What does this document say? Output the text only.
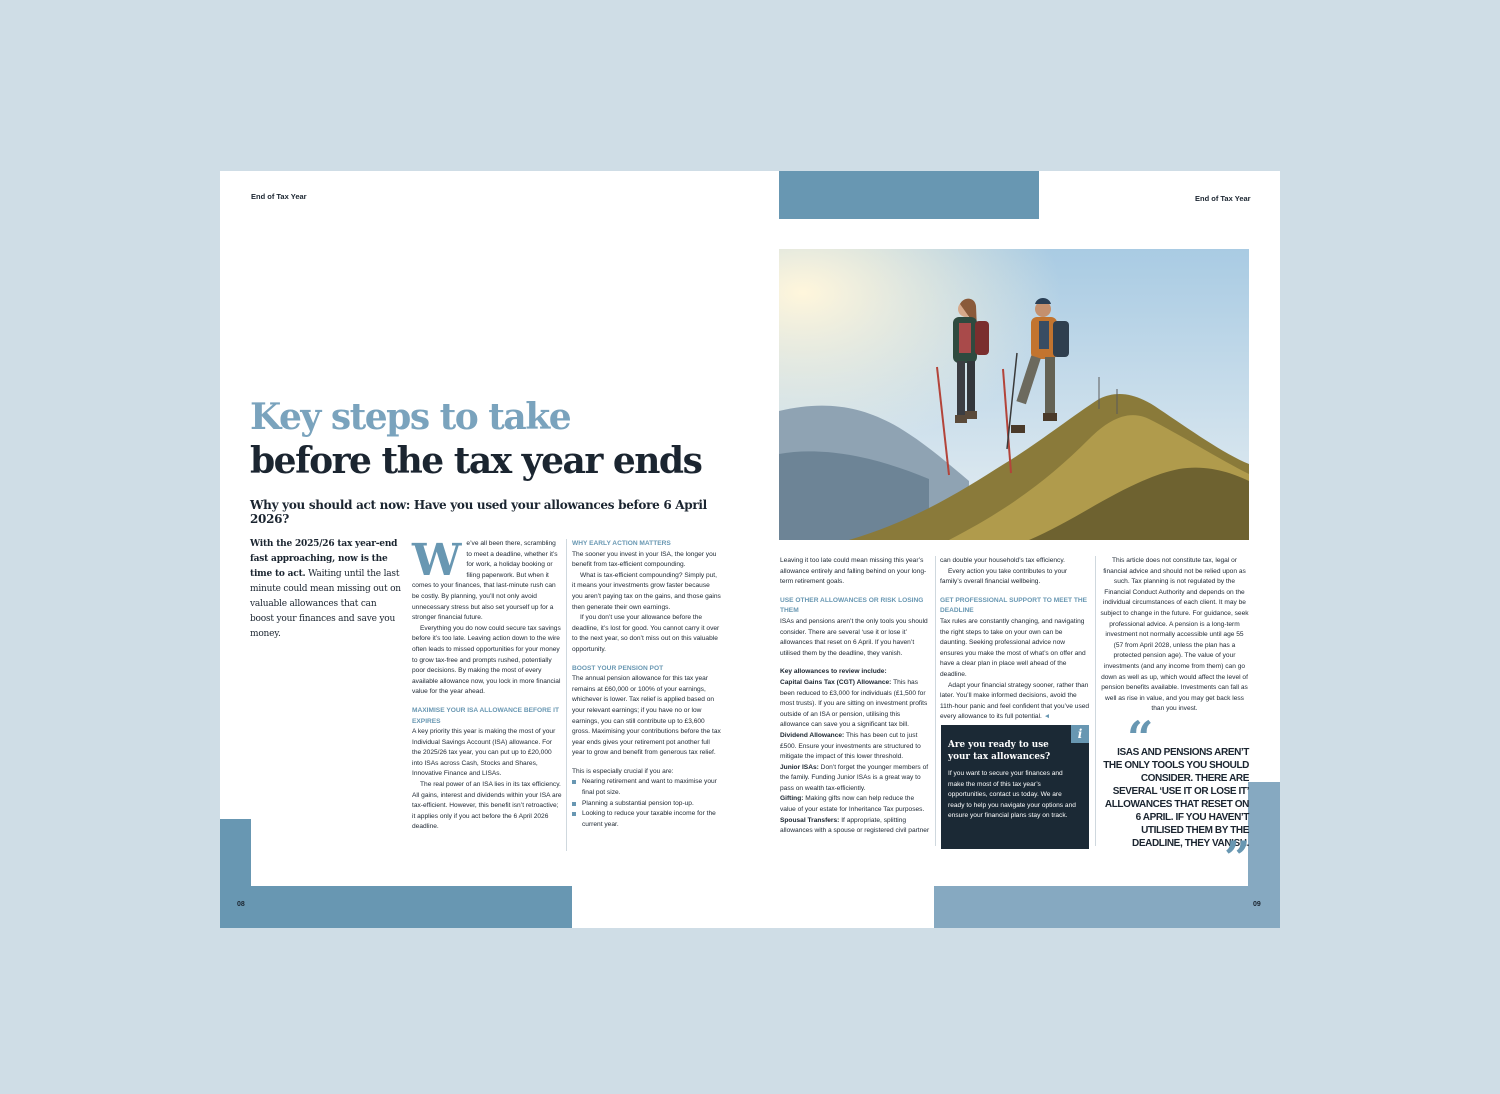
End of Tax Year
08
Key steps to take
before the tax year ends

Why you should act now: Have you used your allowances before 6 April 2026?

With the 2025/26 tax year-end fast approaching, now is the time to act. Waiting until the last minute could mean missing out on valuable allowances that can boost your finances and save you money.

We’ve all been there, scrambling to meet a deadline, whether it’s for work, a holiday booking or filing paperwork. But when it comes to your finances, that last-minute rush can be costly. By planning, you’ll not only avoid unnecessary stress but also set yourself up for a stronger financial future.

Everything you do now could secure tax savings before it’s too late. Leaving action down to the wire often leads to missed opportunities for your money to grow tax-free and prompts rushed, potentially poor decisions. By making the most of every available allowance now, you lock in more financial value for the year ahead.

MAXIMISE YOUR ISA ALLOWANCE BEFORE IT EXPIRES

A key priority this year is making the most of your Individual Savings Account (ISA) allowance. For the 2025/26 tax year, you can put up to £20,000 into ISAs across Cash, Stocks and Shares, Innovative Finance and LISAs.

The real power of an ISA lies in its tax efficiency. All gains, interest and dividends within your ISA are tax-efficient. However, this benefit isn’t retroactive; it applies only if you act before the 6 April 2026 deadline.

WHY EARLY ACTION MATTERS

The sooner you invest in your ISA, the longer you benefit from tax-efficient compounding.

What is tax-efficient compounding? Simply put, it means your investments grow faster because you aren’t paying tax on the gains, and those gains then generate their own earnings.

If you don’t use your allowance before the deadline, it’s lost for good. You cannot carry it over to the next year, so don’t miss out on this valuable opportunity.

BOOST YOUR PENSION POT

The annual pension allowance for this tax year remains at £60,000 or 100% of your earnings, whichever is lower. Tax relief is applied based on your relevant earnings; if you have no or low earnings, you can still contribute up to £3,600 gross. Maximising your contributions before the tax year ends gives your retirement pot another full year to grow and benefit from generous tax relief.

This is especially crucial if you are:

Nearing retirement and want to maximise your final pot size.
Planning a substantial pension top-up.
Looking to reduce your taxable income for the current year.
End of Tax Year
09

Leaving it too late could mean missing this year’s allowance entirely and falling behind on your long-term retirement goals.

USE OTHER ALLOWANCES OR RISK LOSING THEM

ISAs and pensions aren’t the only tools you should consider. There are several ‘use it or lose it’ allowances that reset on 6 April. If you haven’t utilised them by the deadline, they vanish.

Key allowances to review include:

Capital Gains Tax (CGT) Allowance: This has been reduced to £3,000 for individuals (£1,500 for most trusts). If you are sitting on investment profits outside of an ISA or pension, utilising this allowance can save you a significant tax bill.

Dividend Allowance: This has been cut to just £500. Ensure your investments are structured to mitigate the impact of this lower threshold.

Junior ISAs: Don’t forget the younger members of the family. Funding Junior ISAs is a great way to pass on wealth tax-efficiently.

Gifting: Making gifts now can help reduce the value of your estate for Inheritance Tax purposes.

Spousal Transfers: If appropriate, splitting allowances with a spouse or registered civil partner

can double your household’s tax efficiency.

Every action you take contributes to your family’s overall financial wellbeing.

GET PROFESSIONAL SUPPORT TO MEET THE DEADLINE

Tax rules are constantly changing, and navigating the right steps to take on your own can be daunting. Seeking professional advice now ensures you make the most of what’s on offer and have a clear plan in place well ahead of the deadline.

Adapt your financial strategy sooner, rather than later. You’ll make informed decisions, avoid the 11th-hour panic and feel confident that you’ve used every allowance to its full potential. ◄

i

Are you ready to use your tax allowances?

If you want to secure your finances and make the most of this tax year’s opportunities, contact us today. We are ready to help you navigate your options and ensure your financial plans stay on track.

This article does not constitute tax, legal or financial advice and should not be relied upon as such. Tax planning is not regulated by the Financial Conduct Authority and depends on the individual circumstances of each client. It may be subject to change in the future. For guidance, seek professional advice. A pension is a long-term investment not normally accessible until age 55 (57 from April 2028, unless the plan has a protected pension age). The value of your investments (and any income from them) can go down as well as up, which would affect the level of pension benefits available. Investments can fall as well as rise in value, and you may get back less than you invest.

“

ISAS AND PENSIONS AREN’T THE ONLY TOOLS YOU SHOULD CONSIDER. THERE ARE SEVERAL ‘USE IT OR LOSE IT’ ALLOWANCES THAT RESET ON 6 APRIL. IF YOU HAVEN’T UTILISED THEM BY THE DEADLINE, THEY VANISH.

”
